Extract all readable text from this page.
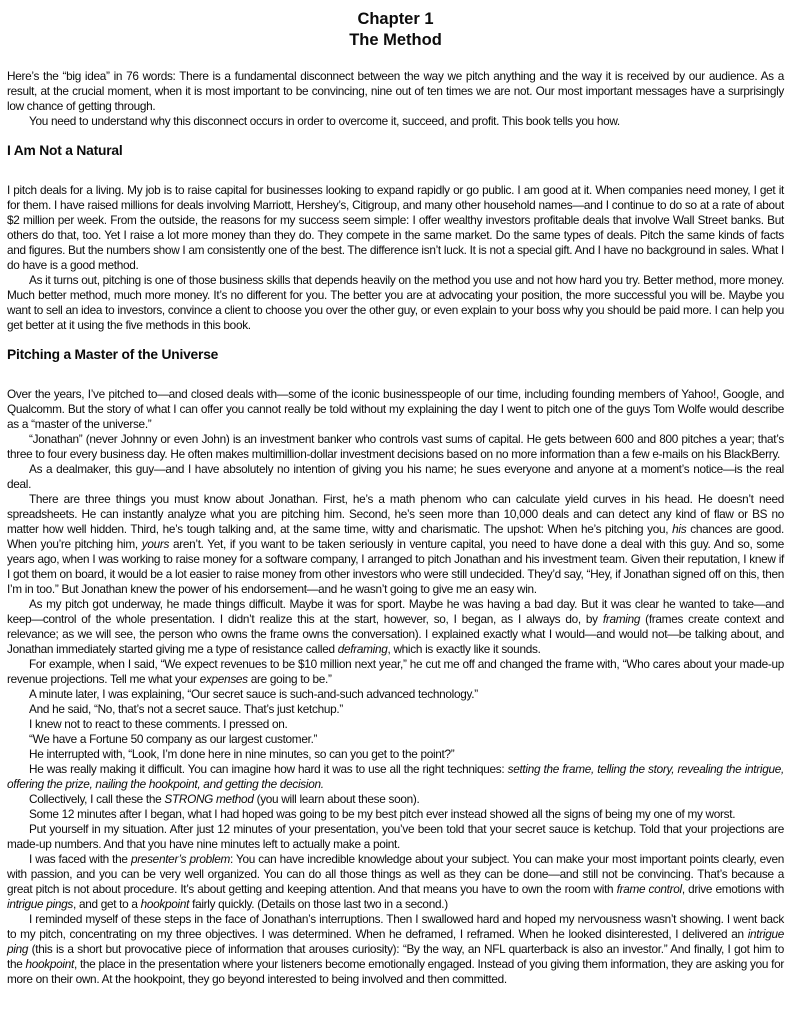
Chapter 1
The Method

Here’s the “big idea” in 76 words: There is a fundamental disconnect between the way we pitch anything and the way it is received by our audience. As a result, at the crucial moment, when it is most important to be convincing, nine out of ten times we are not. Our most important messages have a surprisingly low chance of getting through.

You need to understand why this disconnect occurs in order to overcome it, succeed, and profit. This book tells you how.

I Am Not a Natural

I pitch deals for a living. My job is to raise capital for businesses looking to expand rapidly or go public. I am good at it. When companies need money, I get it for them. I have raised millions for deals involving Marriott, Hershey’s, Citigroup, and many other household names—and I continue to do so at a rate of about $2 million per week. From the outside, the reasons for my success seem simple: I offer wealthy investors profitable deals that involve Wall Street banks. But others do that, too. Yet I raise a lot more money than they do. They compete in the same market. Do the same types of deals. Pitch the same kinds of facts and figures. But the numbers show I am consistently one of the best. The difference isn’t luck. It is not a special gift. And I have no background in sales. What I do have is a good method.

As it turns out, pitching is one of those business skills that depends heavily on the method you use and not how hard you try. Better method, more money. Much better method, much more money. It’s no different for you. The better you are at advocating your position, the more successful you will be. Maybe you want to sell an idea to investors, convince a client to choose you over the other guy, or even explain to your boss why you should be paid more. I can help you get better at it using the five methods in this book.

Pitching a Master of the Universe

Over the years, I’ve pitched to—and closed deals with—some of the iconic businesspeople of our time, including founding members of Yahoo!, Google, and Qualcomm. But the story of what I can offer you cannot really be told without my explaining the day I went to pitch one of the guys Tom Wolfe would describe as a “master of the universe.”

“Jonathan” (never Johnny or even John) is an investment banker who controls vast sums of capital. He gets between 600 and 800 pitches a year; that’s three to four every business day. He often makes multimillion-dollar investment decisions based on no more information than a few e-mails on his BlackBerry.

As a dealmaker, this guy—and I have absolutely no intention of giving you his name; he sues everyone and anyone at a moment’s notice—is the real deal.

There are three things you must know about Jonathan. First, he’s a math phenom who can calculate yield curves in his head. He doesn’t need spreadsheets. He can instantly analyze what you are pitching him. Second, he’s seen more than 10,000 deals and can detect any kind of flaw or BS no matter how well hidden. Third, he’s tough talking and, at the same time, witty and charismatic. The upshot: When he’s pitching you, his chances are good. When you’re pitching him, yours aren’t. Yet, if you want to be taken seriously in venture capital, you need to have done a deal with this guy. And so, some years ago, when I was working to raise money for a software company, I arranged to pitch Jonathan and his investment team. Given their reputation, I knew if I got them on board, it would be a lot easier to raise money from other investors who were still undecided. They’d say, “Hey, if Jonathan signed off on this, then I’m in too.” But Jonathan knew the power of his endorsement—and he wasn’t going to give me an easy win.

As my pitch got underway, he made things difficult. Maybe it was for sport. Maybe he was having a bad day. But it was clear he wanted to take—and keep—control of the whole presentation. I didn’t realize this at the start, however, so, I began, as I always do, by framing (frames create context and relevance; as we will see, the person who owns the frame owns the conversation). I explained exactly what I would—and would not—be talking about, and Jonathan immediately started giving me a type of resistance called deframing, which is exactly like it sounds.

For example, when I said, “We expect revenues to be $10 million next year,” he cut me off and changed the frame with, “Who cares about your made-up revenue projections. Tell me what your expenses are going to be.”

A minute later, I was explaining, “Our secret sauce is such-and-such advanced technology.”

And he said, “No, that’s not a secret sauce. That’s just ketchup.”

I knew not to react to these comments. I pressed on.

“We have a Fortune 50 company as our largest customer.”

He interrupted with, “Look, I’m done here in nine minutes, so can you get to the point?”

He was really making it difficult. You can imagine how hard it was to use all the right techniques: setting the frame, telling the story, revealing the intrigue, offering the prize, nailing the hookpoint, and getting the decision.

Collectively, I call these the STRONG method (you will learn about these soon).

Some 12 minutes after I began, what I had hoped was going to be my best pitch ever instead showed all the signs of being my one of my worst.

Put yourself in my situation. After just 12 minutes of your presentation, you’ve been told that your secret sauce is ketchup. Told that your projections are made-up numbers. And that you have nine minutes left to actually make a point.

I was faced with the presenter’s problem: You can have incredible knowledge about your subject. You can make your most important points clearly, even with passion, and you can be very well organized. You can do all those things as well as they can be done—and still not be convincing. That’s because a great pitch is not about procedure. It’s about getting and keeping attention. And that means you have to own the room with frame control, drive emotions with intrigue pings, and get to a hookpoint fairly quickly. (Details on those last two in a second.)

I reminded myself of these steps in the face of Jonathan’s interruptions. Then I swallowed hard and hoped my nervousness wasn’t showing. I went back to my pitch, concentrating on my three objectives. I was determined. When he deframed, I reframed. When he looked disinterested, I delivered an intrigue ping (this is a short but provocative piece of information that arouses curiosity): “By the way, an NFL quarterback is also an investor.” And finally, I got him to the hookpoint, the place in the presentation where your listeners become emotionally engaged. Instead of you giving them information, they are asking you for more on their own. At the hookpoint, they go beyond interested to being involved and then committed.
